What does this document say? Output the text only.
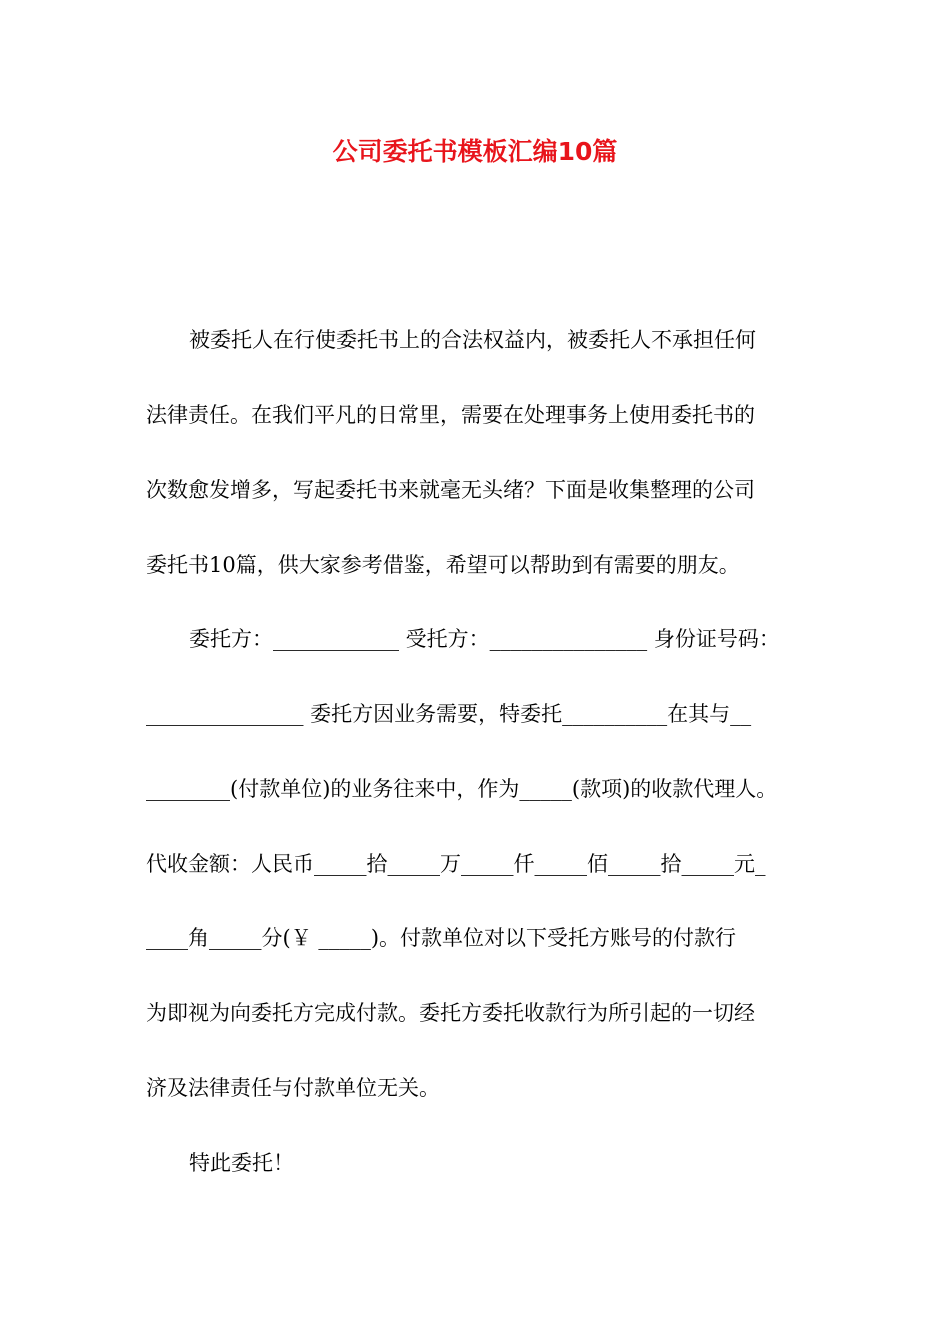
公司委托书模板汇编10篇
被委托人在行使委托书上的合法权益内，被委托人不承担任何
法律责任。在我们平凡的日常里，需要在处理事务上使用委托书的
次数愈发增多，写起委托书来就毫无头绪？下面是收集整理的公司
委托书10篇，供大家参考借鉴，希望可以帮助到有需要的朋友。
委托方：____________ 受托方：_______________ 身份证号码：
_______________ 委托方因业务需要，特委托__________在其与__
________(付款单位)的业务往来中，作为_____(款项)的收款代理人。
代收金额：人民币_____拾_____万_____仟_____佰_____拾_____元_
____角_____分(￥ _____)。付款单位对以下受托方账号的付款行
为即视为向委托方完成付款。委托方委托收款行为所引起的一切经
济及法律责任与付款单位无关。
特此委托！
